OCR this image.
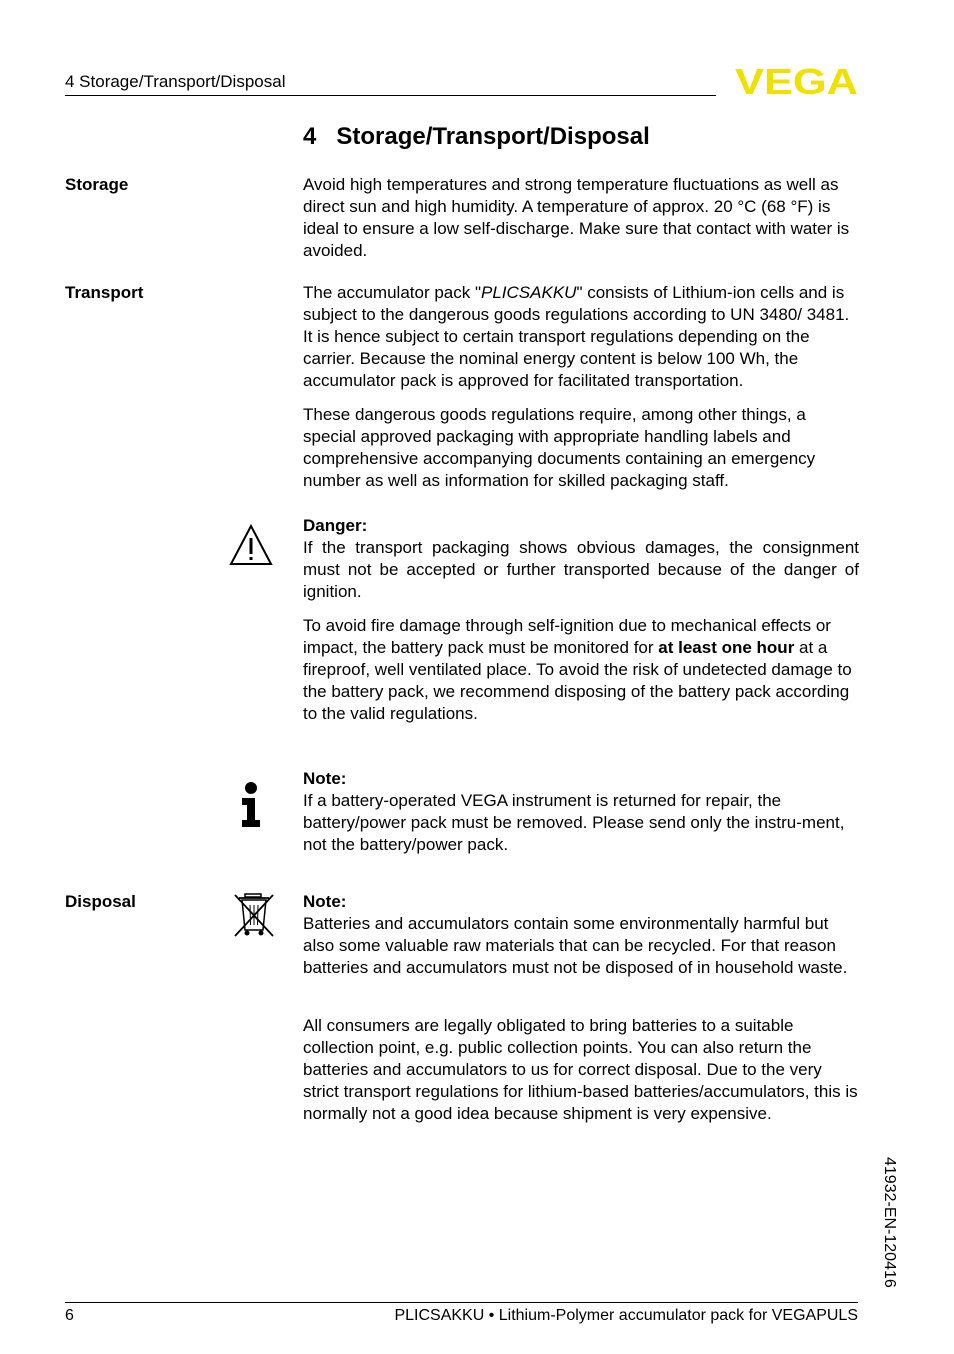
4 Storage/Transport/Disposal	VEGA
4   Storage/Transport/Disposal
Storage	Avoid high temperatures and strong temperature fluctuations as well as direct sun and high humidity. A temperature of approx. 20 °C (68 °F) is ideal to ensure a low self-discharge. Make sure that contact with water is avoided.

Transport	The accumulator pack "PLICSAKKU" consists of Lithium-ion cells and is subject to the dangerous goods regulations according to UN 3480/ 3481. It is hence subject to certain transport regulations depending on the carrier. Because the nominal energy content is below 100 Wh, the accumulator pack is approved for facilitated transportation.

These dangerous goods regulations require, among other things, a special approved packaging with appropriate handling labels and comprehensive accompanying documents containing an emergency number as well as information for skilled packaging staff.

Danger:

If the transport packaging shows obvious damages, the consignment must not be accepted or further transported because of the danger of ignition.

To avoid fire damage through self-ignition due to mechanical effects or impact, the battery pack must be monitored for at least one hour at a fireproof, well ventilated place. To avoid the risk of undetected damage to the battery pack, we recommend disposing of the battery pack according to the valid regulations.

Note:

If a battery-operated VEGA instrument is returned for repair, the battery/power pack must be removed. Please send only the instru-ment, not the battery/power pack.

Disposal	Note:

Batteries and accumulators contain some environmentally harmful but also some valuable raw materials that can be recycled. For that reason batteries and accumulators must not be disposed of in household waste.

All consumers are legally obligated to bring batteries to a suitable collection point, e.g. public collection points. You can also return the batteries and accumulators to us for correct disposal. Due to the very strict transport regulations for lithium-based batteries/accumulators, this is normally not a good idea because shipment is very expensive.

41932-EN-120416
6	PLICSAKKU • Lithium-Polymer accumulator pack for VEGAPULS
